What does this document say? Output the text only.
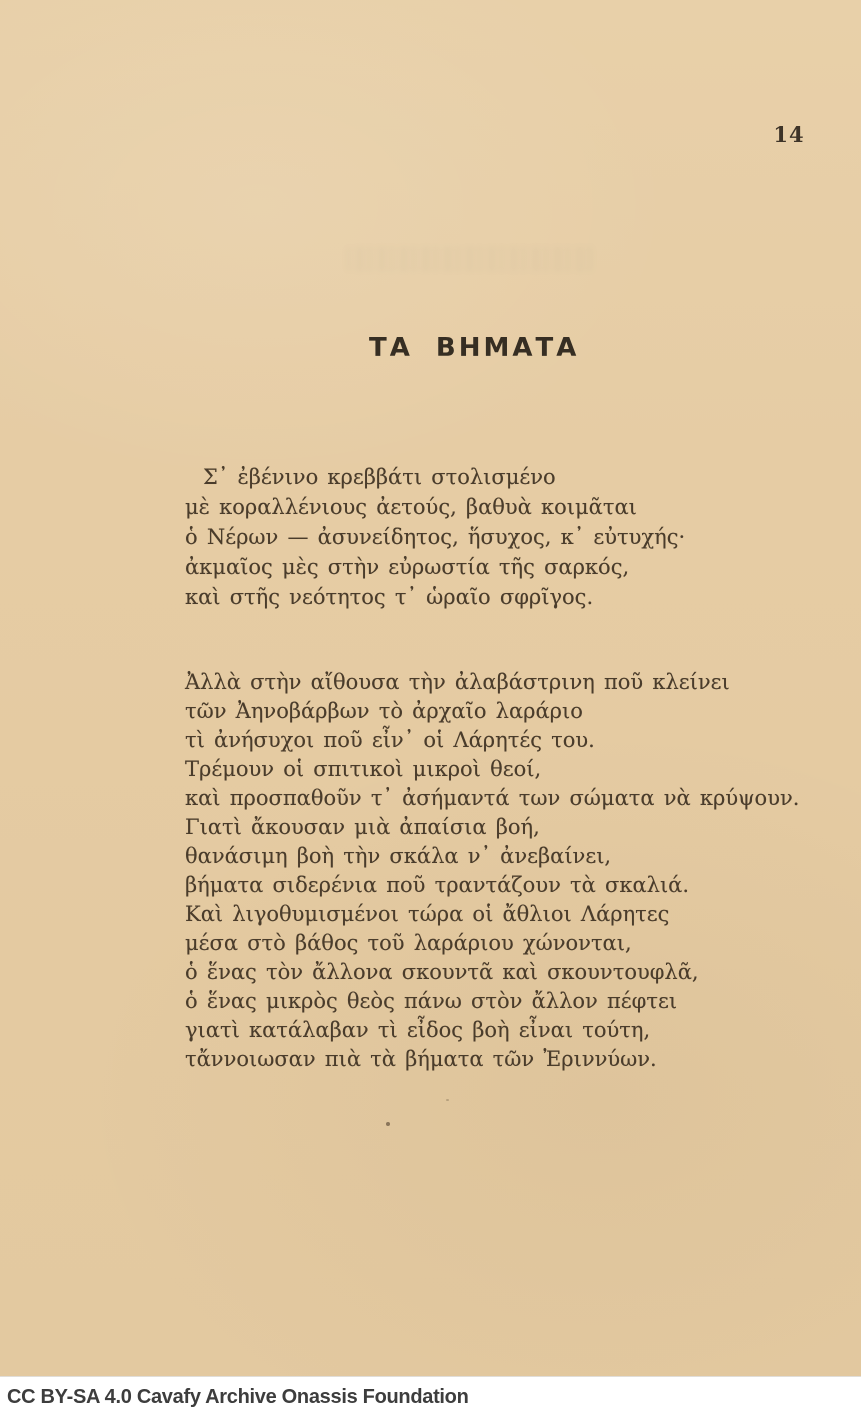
14
ΤΑ ΒΗΜΑΤΑ
Σ᾽ ἐβένινο κρεββάτι στολισμένο
μὲ κοραλλένιους ἀετούς, βαθυὰ κοιμᾶται
ὁ Νέρων — ἀσυνείδητος, ἥσυχος, κ᾽ εὐτυχής·
ἀκμαῖος μὲς στὴν εὐρωστία τῆς σαρκός,
καὶ στῆς νεότητος τ᾽ ὡραῖο σφρῖγος.
Ἀλλὰ στὴν αἴθουσα τὴν ἀλαβάστρινη ποῦ κλείνει
τῶν Ἀηνοβάρβων τὸ ἀρχαῖο λαράριο
τὶ ἀνήσυχοι ποῦ εἶν᾽ οἱ Λάρητές του.
Τρέμουν οἱ σπιτικοὶ μικροὶ θεοί,
καὶ προσπαθοῦν τ᾽ ἀσήμαντά των σώματα νὰ κρύψουν.
Γιατὶ ἄκουσαν μιὰ ἀπαίσια βοή,
θανάσιμη βοὴ τὴν σκάλα ν᾽ ἀνεβαίνει,
βήματα σιδερένια ποῦ τραντάζουν τὰ σκαλιά.
Καὶ λιγοθυμισμένοι τώρα οἱ ἄθλιοι Λάρητες
μέσα στὸ βάθος τοῦ λαράριου χώνονται,
ὁ ἕνας τὸν ἄλλονα σκουντᾶ καὶ σκουντουφλᾶ,
ὁ ἕνας μικρὸς θεὸς πάνω στὸν ἄλλον πέφτει
γιατὶ κατάλαβαν τὶ εἶδος βοὴ εἶναι τούτη,
τἄννοιωσαν πιὰ τὰ βήματα τῶν Ἐριννύων.
CC BY-SA 4.0 Cavafy Archive Onassis Foundation
